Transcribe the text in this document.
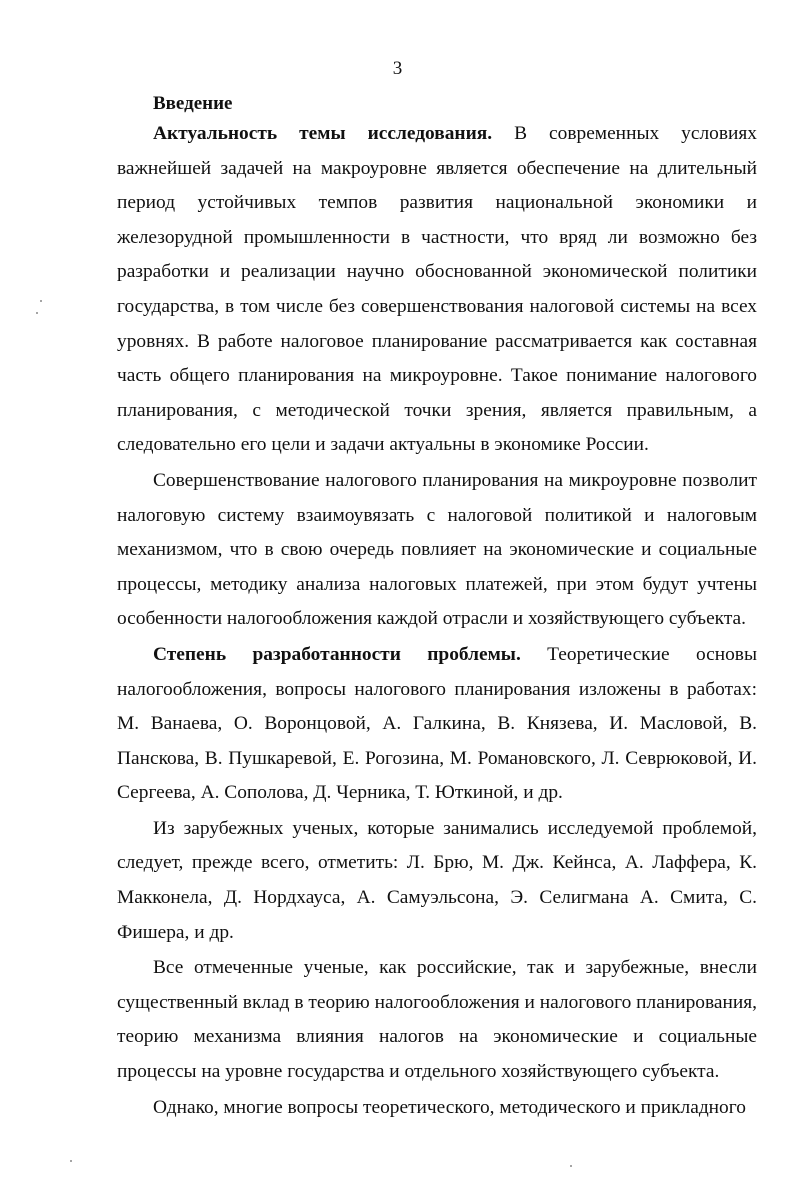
3
Введение

Актуальность темы исследования. В современных условиях важнейшей задачей на макроуровне является обеспечение на длительный период устойчивых темпов развития национальной экономики и железорудной промышленности в частности, что вряд ли возможно без разработки и реализации научно обоснованной экономической политики государства, в том числе без совершенствования налоговой системы на всех уровнях. В работе налоговое планирование рассматривается как составная часть общего планирования на микроуровне. Такое понимание налогового планирования, с методической точки зрения, является правильным, а следовательно его цели и задачи актуальны в экономике России.

Совершенствование налогового планирования на микроуровне позволит налоговую систему взаимоувязать с налоговой политикой и налоговым механизмом, что в свою очередь повлияет на экономические и социальные процессы, методику анализа налоговых платежей, при этом будут учтены особенности налогообложения каждой отрасли и хозяйствующего субъекта.

Степень разработанности проблемы. Теоретические основы налогообложения, вопросы налогового планирования изложены в работах: М. Ванаева, О. Воронцовой, А. Галкина, В. Князева, И. Масловой, В. Панскова, В. Пушкаревой, Е. Рогозина, М. Романовского, Л. Севрюковой, И. Сергеева, А. Сополова, Д. Черника, Т. Юткиной, и др.

Из зарубежных ученых, которые занимались исследуемой проблемой, следует, прежде всего, отметить: Л. Брю, М. Дж. Кейнса, А. Лаффера, К. Макконела, Д. Нордхауса, А. Самуэльсона, Э. Селигмана А. Смита, С. Фишера, и др.

Все отмеченные ученые, как российские, так и зарубежные, внесли существенный вклад в теорию налогообложения и налогового планирования, теорию механизма влияния налогов на экономические и социальные процессы на уровне государства и отдельного хозяйствующего субъекта.

Однако, многие вопросы теоретического, методического и прикладного
